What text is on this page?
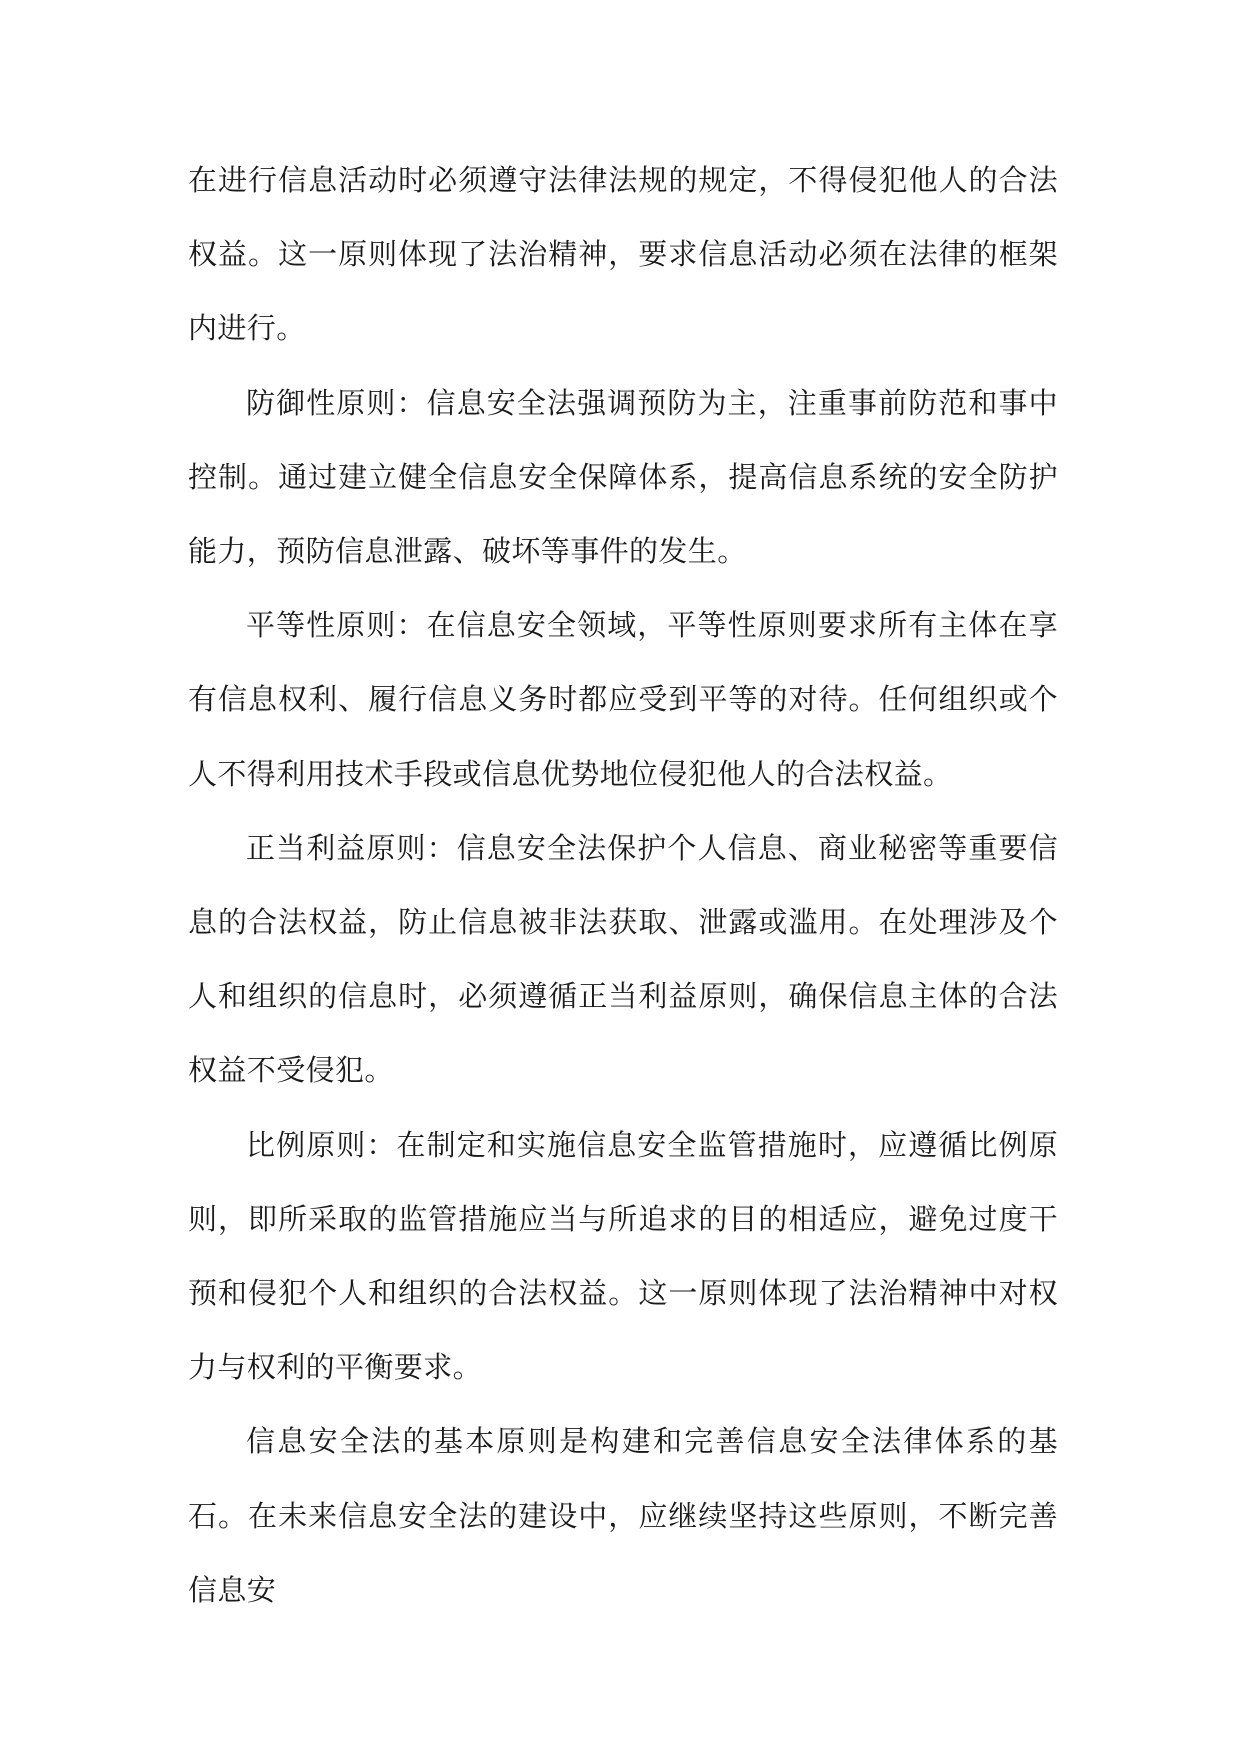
在进行信息活动时必须遵守法律法规的规定，不得侵犯他人的合法权益。这一原则体现了法治精神，要求信息活动必须在法律的框架内进行。

防御性原则：信息安全法强调预防为主，注重事前防范和事中控制。通过建立健全信息安全保障体系，提高信息系统的安全防护能力，预防信息泄露、破坏等事件的发生。

平等性原则：在信息安全领域，平等性原则要求所有主体在享有信息权利、履行信息义务时都应受到平等的对待。任何组织或个人不得利用技术手段或信息优势地位侵犯他人的合法权益。

正当利益原则：信息安全法保护个人信息、商业秘密等重要信息的合法权益，防止信息被非法获取、泄露或滥用。在处理涉及个人和组织的信息时，必须遵循正当利益原则，确保信息主体的合法权益不受侵犯。

比例原则：在制定和实施信息安全监管措施时，应遵循比例原则，即所采取的监管措施应当与所追求的目的相适应，避免过度干预和侵犯个人和组织的合法权益。这一原则体现了法治精神中对权力与权利的平衡要求。

信息安全法的基本原则是构建和完善信息安全法律体系的基石。在未来信息安全法的建设中，应继续坚持这些原则，不断完善信息安
